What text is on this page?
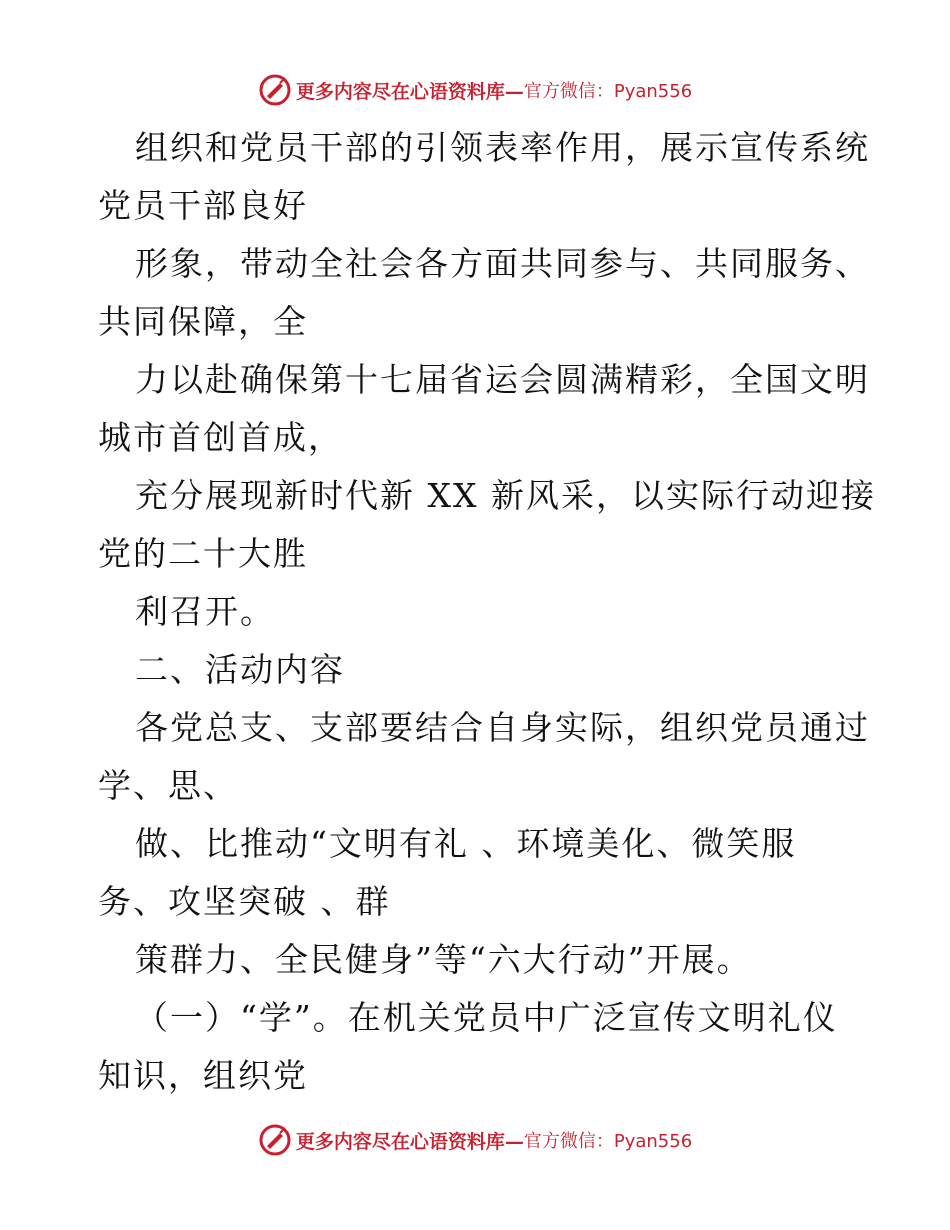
更多内容尽在心语资料库— 官方微信：Pyan556
组织和党员干部的引领表率作用，展示宣传系统
党员干部良好
形象，带动全社会各方面共同参与、共同服务、
共同保障，全
力以赴确保第十七届省运会圆满精彩，全国文明
城市首创首成，
充分展现新时代新 XX 新风采，以实际行动迎接
党的二十大胜
利召开。
二、活动内容
各党总支、支部要结合自身实际，组织党员通过
学、思、
做、比推动“文明有礼 、环境美化、微笑服
务、攻坚突破 、群
策群力、全民健身”等“六大行动”开展。
（一）“学”。在机关党员中广泛宣传文明礼仪
知识，组织党
更多内容尽在心语资料库— 官方微信：Pyan556
